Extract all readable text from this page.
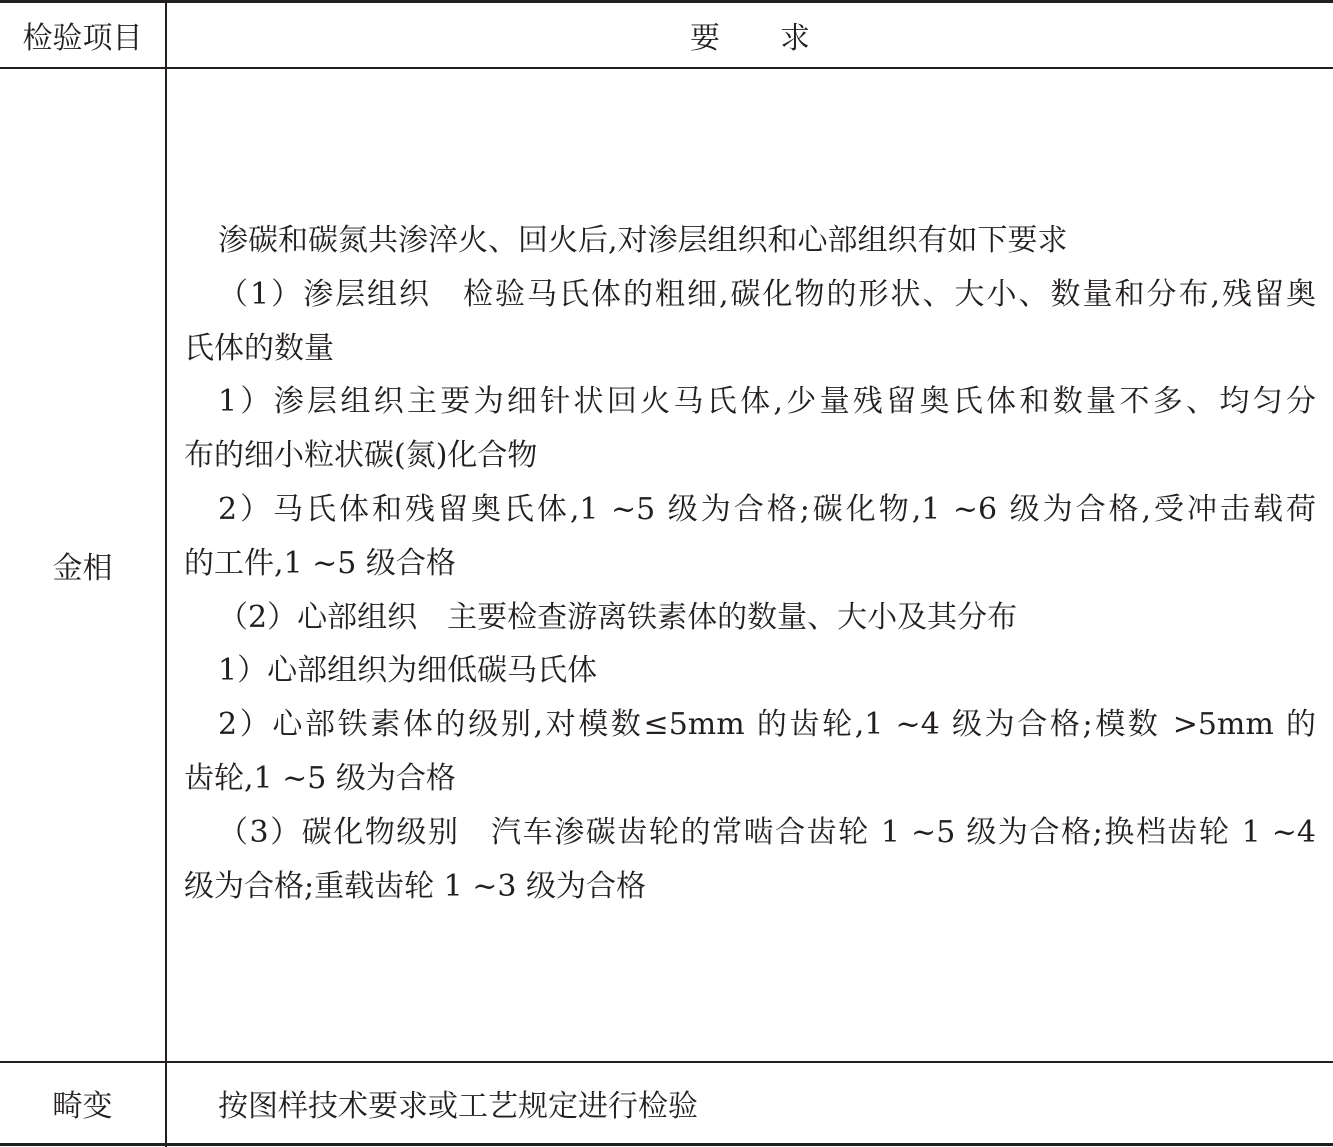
检验项目	要　　求
金相
渗碳和碳氮共渗淬火、回火后,对渗层组织和心部组织有如下要求
（1）渗层组织　检验马氏体的粗细,碳化物的形状、大小、数量和分布,残留奥
氏体的数量
1）渗层组织主要为细针状回火马氏体,少量残留奥氏体和数量不多、均匀分
布的细小粒状碳(氮)化合物
2）马氏体和残留奥氏体,1 ~5 级为合格;碳化物,1 ~6 级为合格,受冲击载荷
的工件,1 ~5 级合格
（2）心部组织　主要检查游离铁素体的数量、大小及其分布
1）心部组织为细低碳马氏体
2）心部铁素体的级别,对模数≤5mm 的齿轮,1 ~4 级为合格;模数 >5mm 的
齿轮,1 ~5 级为合格
（3）碳化物级别　汽车渗碳齿轮的常啮合齿轮 1 ~5 级为合格;换档齿轮 1 ~4
级为合格;重载齿轮 1 ~3 级为合格
畸变	按图样技术要求或工艺规定进行检验
